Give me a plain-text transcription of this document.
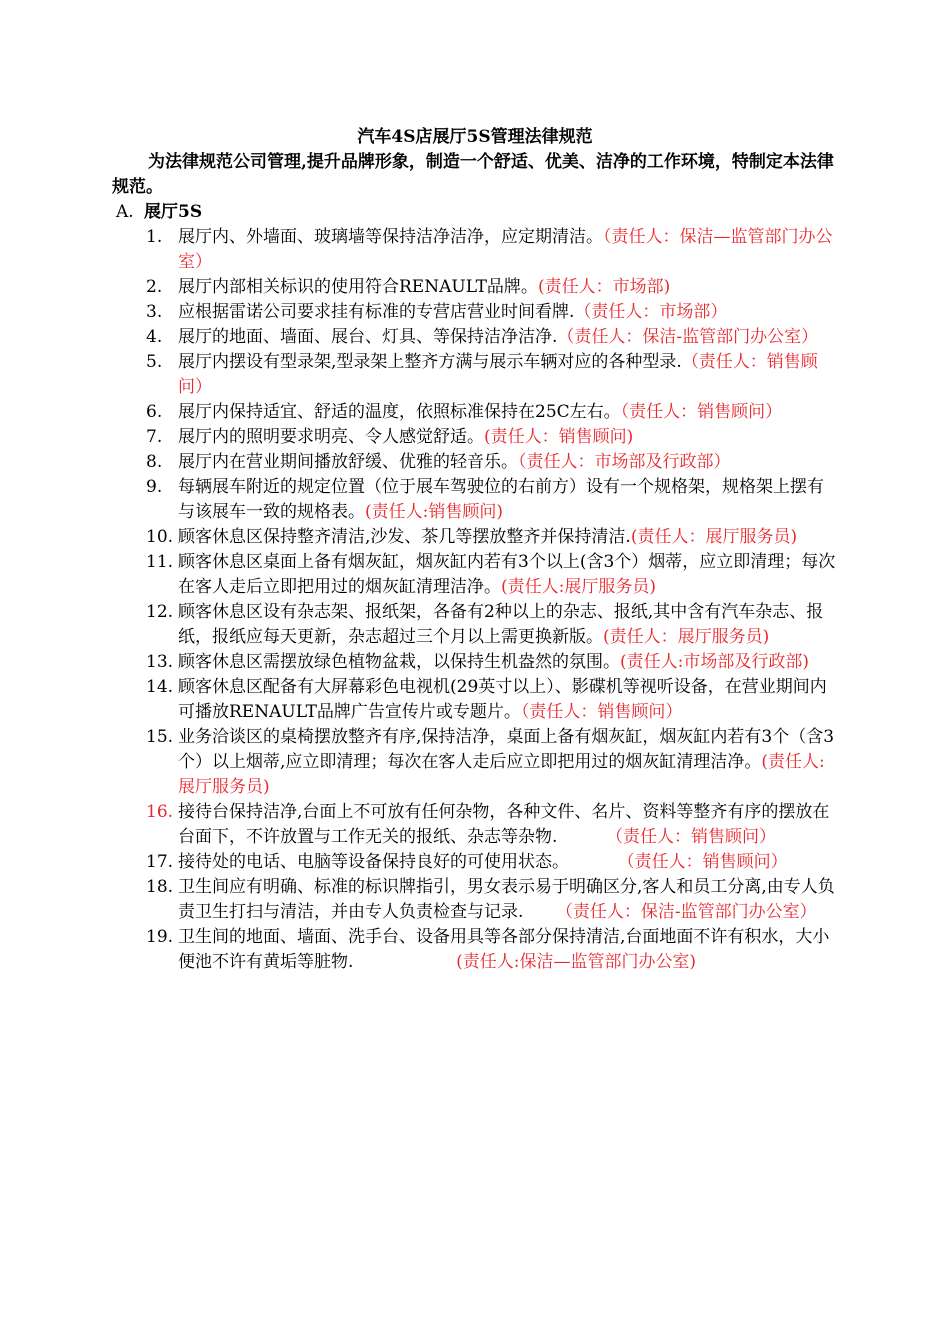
汽车4S店展厅5S管理法律规范
为法律规范公司管理,提升品牌形象，制造一个舒适、优美、洁净的工作环境，特制定本法律规范。
A. 展厅5S
1. 展厅内、外墙面、玻璃墙等保持洁净洁净，应定期清洁。（责任人：保洁—监管部门办公室）
2. 展厅内部相关标识的使用符合RENAULT品牌。(责任人：市场部)
3. 应根据雷诺公司要求挂有标准的专营店营业时间看牌.（责任人：市场部）
4. 展厅的地面、墙面、展台、灯具、等保持洁净洁净.（责任人：保洁-监管部门办公室）
5. 展厅内摆设有型录架,型录架上整齐方满与展示车辆对应的各种型录.（责任人：销售顾问）
6. 展厅内保持适宜、舒适的温度，依照标准保持在25C左右。（责任人：销售顾问）
7. 展厅内的照明要求明亮、令人感觉舒适。(责任人：销售顾问)
8. 展厅内在营业期间播放舒缓、优雅的轻音乐。（责任人：市场部及行政部）
9. 每辆展车附近的规定位置（位于展车驾驶位的右前方）设有一个规格架，规格架上摆有与该展车一致的规格表。(责任人:销售顾问)
10. 顾客休息区保持整齐清洁,沙发、茶几等摆放整齐并保持清洁.(责任人：展厅服务员)
11. 顾客休息区桌面上备有烟灰缸，烟灰缸内若有3个以上(含3个）烟蒂，应立即清理；每次在客人走后立即把用过的烟灰缸清理洁净。(责任人:展厅服务员)
12. 顾客休息区设有杂志架、报纸架，各备有2种以上的杂志、报纸,其中含有汽车杂志、报纸，报纸应每天更新，杂志超过三个月以上需更换新版。(责任人：展厅服务员)
13. 顾客休息区需摆放绿色植物盆栽，以保持生机盎然的氛围。(责任人:市场部及行政部)
14. 顾客休息区配备有大屏幕彩色电视机(29英寸以上）、影碟机等视听设备，在营业期间内可播放RENAULT品牌广告宣传片或专题片。（责任人：销售顾问）
15. 业务洽谈区的桌椅摆放整齐有序,保持洁净，桌面上备有烟灰缸，烟灰缸内若有3个（含3个）以上烟蒂,应立即清理；每次在客人走后应立即把用过的烟灰缸清理洁净。(责任人:展厅服务员)
16. 接待台保持洁净,台面上不可放有任何杂物，各种文件、名片、资料等整齐有序的摆放在台面下，不许放置与工作无关的报纸、杂志等杂物.         （责任人：销售顾问）
17. 接待处的电话、电脑等设备保持良好的可使用状态。         （责任人：销售顾问）
18. 卫生间应有明确、标准的标识牌指引，男女表示易于明确区分,客人和员工分离,由专人负责卫生打扫与清洁，并由专人负责检查与记录.      （责任人：保洁-监管部门办公室）
19. 卫生间的地面、墙面、洗手台、设备用具等各部分保持清洁,台面地面不许有积水，大小便池不许有黄垢等脏物.                   (责任人:保洁—监管部门办公室)
